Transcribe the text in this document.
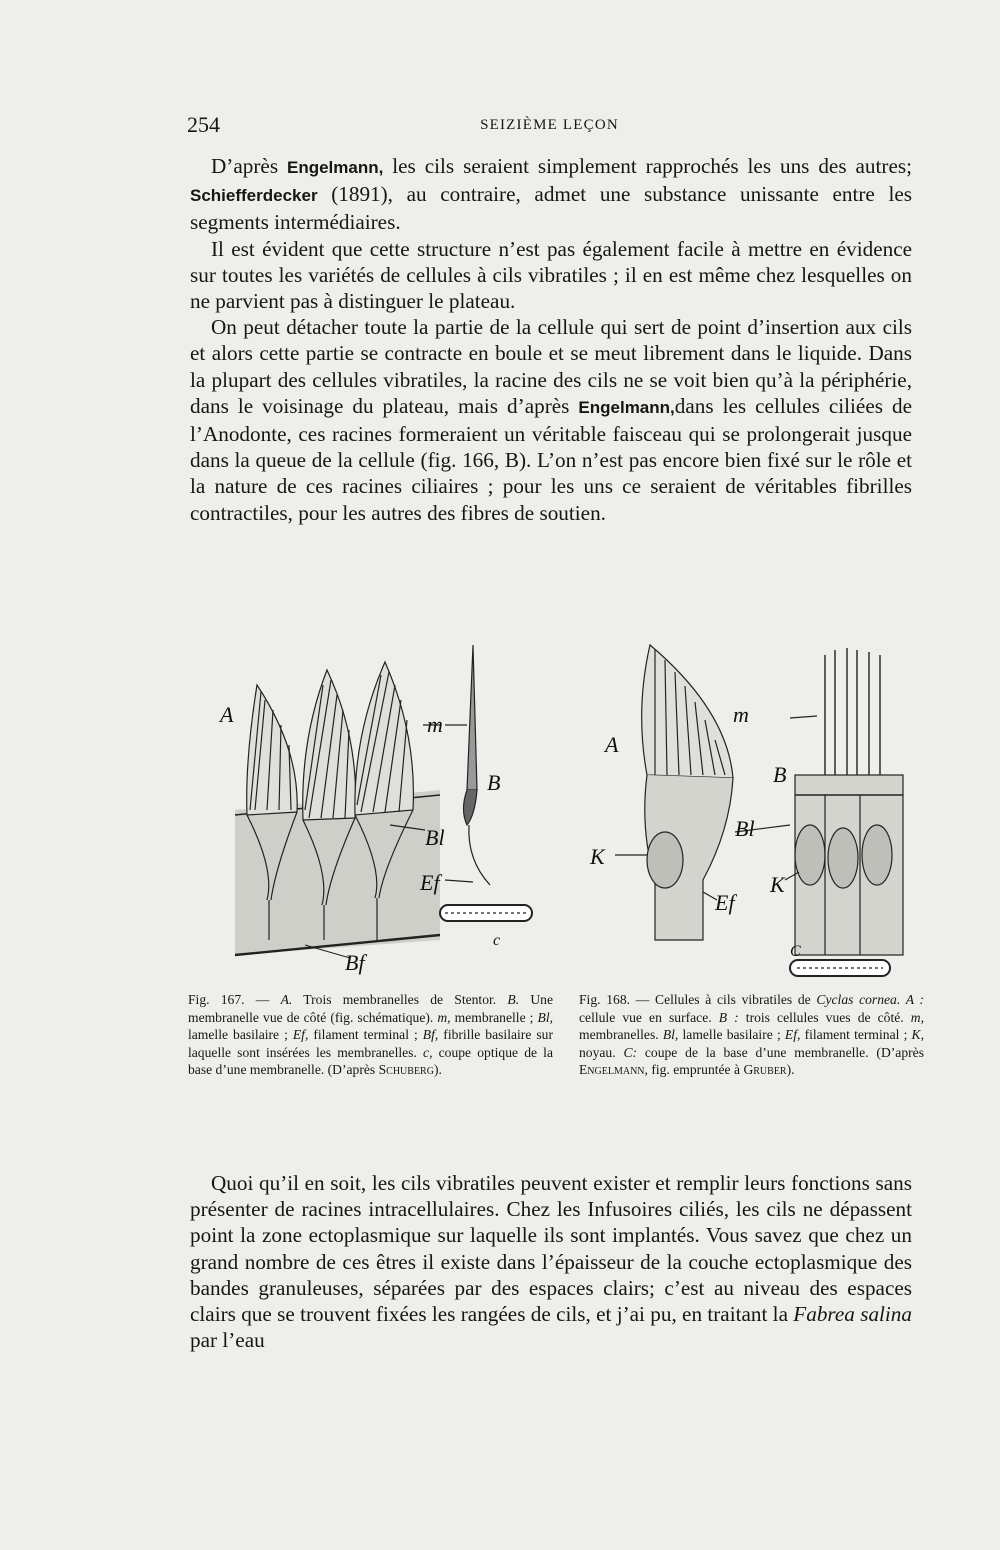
254	SEIZIÈME LEÇON

D’après Engelmann, les cils seraient simplement rapprochés les uns des autres; Schiefferdecker (1891), au contraire, admet une substance unissante entre les segments intermédiaires.

Il est évident que cette structure n’est pas également facile à mettre en évidence sur toutes les variétés de cellules à cils vibratiles ; il en est même chez lesquelles on ne parvient pas à distinguer le plateau.

On peut détacher toute la partie de la cellule qui sert de point d’insertion aux cils et alors cette partie se contracte en boule et se meut librement dans le liquide. Dans la plupart des cellules vibratiles, la racine des cils ne se voit bien qu’à la périphérie, dans le voisinage du plateau, mais d’après Engelmann,dans les cellules ciliées de l’Anodonte, ces racines formeraient un véritable faisceau qui se prolongerait jusque dans la queue de la cellule (fig. 166, B). L’on n’est pas encore bien fixé sur le rôle et la nature de ces racines ciliaires ; pour les uns ce seraient de véritables fibrilles contractiles, pour les autres des fibres de soutien.

A	m
B
Bl
Ef
c
Bf
A
m
B
Bl
K
K
Ef
C
Fig. 167. — A. Trois membranelles de Stentor. B. Une membranelle vue de côté (fig. schématique). m, membranelle ; Bl, lamelle basilaire ; Ef, filament terminal ; Bf, fibrille basilaire sur laquelle sont insérées les membranelles. c, coupe optique de la base d’une membranelle. (D’après Schuberg).
Fig. 168. — Cellules à cils vibratiles de Cyclas cornea. A : cellule vue en surface. B : trois cellules vues de côté. m, membranelles. Bl, lamelle basilaire ; Ef, filament terminal ; K, noyau. C: coupe de la base d’une membranelle. (D’après Engelmann, fig. empruntée à Gruber).

Quoi qu’il en soit, les cils vibratiles peuvent exister et remplir leurs fonctions sans présenter de racines intracellulaires. Chez les Infusoires ciliés, les cils ne dépassent point la zone ectoplasmique sur laquelle ils sont implantés. Vous savez que chez un grand nombre de ces êtres il existe dans l’épaisseur de la couche ectoplasmique des bandes granuleuses, séparées par des espaces clairs; c’est au niveau des espaces clairs que se trouvent fixées les rangées de cils, et j’ai pu, en traitant la Fabrea salina par l’eau
